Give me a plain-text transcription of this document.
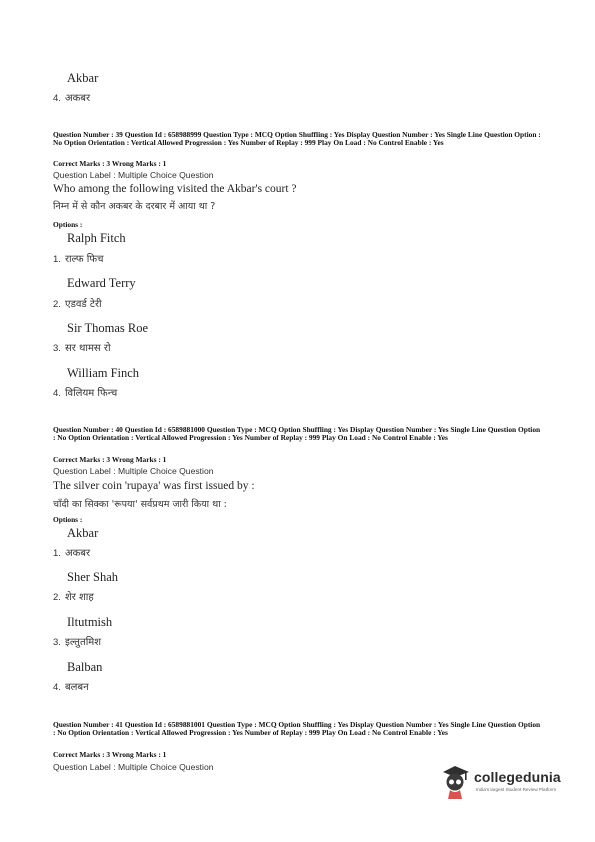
Akbar
4. अकबर
Question Number : 39 Question Id : 658988999 Question Type : MCQ Option Shuffling : Yes Display Question Number : Yes Single Line Question Option : No Option Orientation : Vertical Allowed Progression : Yes Number of Replay : 999 Play On Load : No Control Enable : Yes
Correct Marks : 3 Wrong Marks : 1
Question Label : Multiple Choice Question
Who among the following visited the Akbar's court ?
निम्न में से कौन अकबर के दरबार में आया था ?
Options :
Ralph Fitch
1. राल्फ फिच
Edward Terry
2. एडवर्ड टेरी
Sir Thomas Roe
3. सर थामस रो
William Finch
4. विलियम फिन्च
Question Number : 40 Question Id : 6589881000 Question Type : MCQ Option Shuffling : Yes Display Question Number : Yes Single Line Question Option : No Option Orientation : Vertical Allowed Progression : Yes Number of Replay : 999 Play On Load : No Control Enable : Yes
Correct Marks : 3 Wrong Marks : 1
Question Label : Multiple Choice Question
The silver coin 'rupaya' was first issued by :
चाँदी का सिक्का 'रूपया' सर्वप्रथम जारी किया था :
Options :
Akbar
1. अकबर
Sher Shah
2. शेर शाह
Iltutmish
3. इल्तुतमिश
Balban
4. बलबन
Question Number : 41 Question Id : 6589881001 Question Type : MCQ Option Shuffling : Yes Display Question Number : Yes Single Line Question Option : No Option Orientation : Vertical Allowed Progression : Yes Number of Replay : 999 Play On Load : No Control Enable : Yes
Correct Marks : 3 Wrong Marks : 1
Question Label : Multiple Choice Question
collegedunia
India's largest Student Review Platform
